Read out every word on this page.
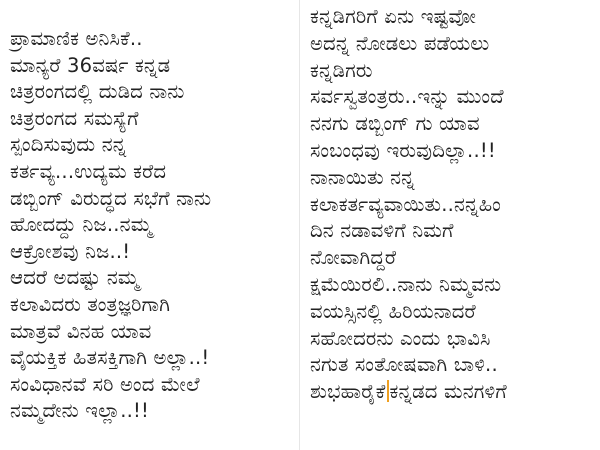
ಪ್ರಾಮಾಣಿಕ ಅನಿಸಿಕೆ..
ಮಾನ್ಯರೆ 36ವರ್ಷ ಕನ್ನಡ
ಚಿತ್ರರಂಗದಲ್ಲಿ ದುಡಿದ ನಾನು
ಚಿತ್ರರಂಗದ ಸಮಸ್ಯೆಗೆ
ಸ್ಪಂದಿಸುವುದು ನನ್ನ
ಕರ್ತವ್ಯ...ಉದ್ಯಮ ಕರೆದ
ಡಬ್ಬಿಂಗ್ ವಿರುದ್ಧದ ಸಭೆಗೆ ನಾನು
ಹೋದದ್ದು ನಿಜ..ನಮ್ಮ
ಆಕ್ರೋಶವು ನಿಜ..!
ಆದರೆ ಅದಷ್ಟು ನಮ್ಮ
ಕಲಾವಿದರು ತಂತ್ರಜ್ಞರಿಗಾಗಿ
ಮಾತ್ರವೆ ವಿನಹ ಯಾವ
ವೈಯಕ್ತಿಕ ಹಿತಸಕ್ತಿಗಾಗಿ ಅಲ್ಲಾ..!
ಸಂವಿಧಾನವೆ ಸರಿ ಅಂದ ಮೇಲೆ
ನಮ್ಮದೇನು ಇಲ್ಲಾ..!!
ಕನ್ನಡಿಗರಿಗೆ ಏನು ಇಷ್ಟವೋ
ಅದನ್ನ ನೋಡಲು ಪಡೆಯಲು
ಕನ್ನಡಿಗರು
ಸರ್ವಸ್ವತಂತ್ರರು..ಇನ್ನು ಮುಂದೆ
ನನಗು ಡಬ್ಬಿಂಗ್ ಗು ಯಾವ
ಸಂಬಂಧವು ಇರುವುದಿಲ್ಲಾ..!!
ನಾನಾಯಿತು ನನ್ನ
ಕಲಾಕರ್ತವ್ಯವಾಯಿತು..ನನ್ನಹಿಂ
ದಿನ ನಡಾವಳಿಗೆ ನಿಮಗೆ
ನೋವಾಗಿದ್ದರೆ
ಕ್ಷಮೆಯಿರಲಿ..ನಾನು ನಿಮ್ಮವನು
ವಯಸ್ಸಿನಲ್ಲಿ ಹಿರಿಯನಾದರೆ
ಸಹೋದರನು ಎಂದು ಭಾವಿಸಿ
ನಗುತ ಸಂತೋಷವಾಗಿ ಬಾಳಿ..
ಶುಭಹಾರೈಕೆ ಕನ್ನಡದ ಮನಗಳಿಗೆ
